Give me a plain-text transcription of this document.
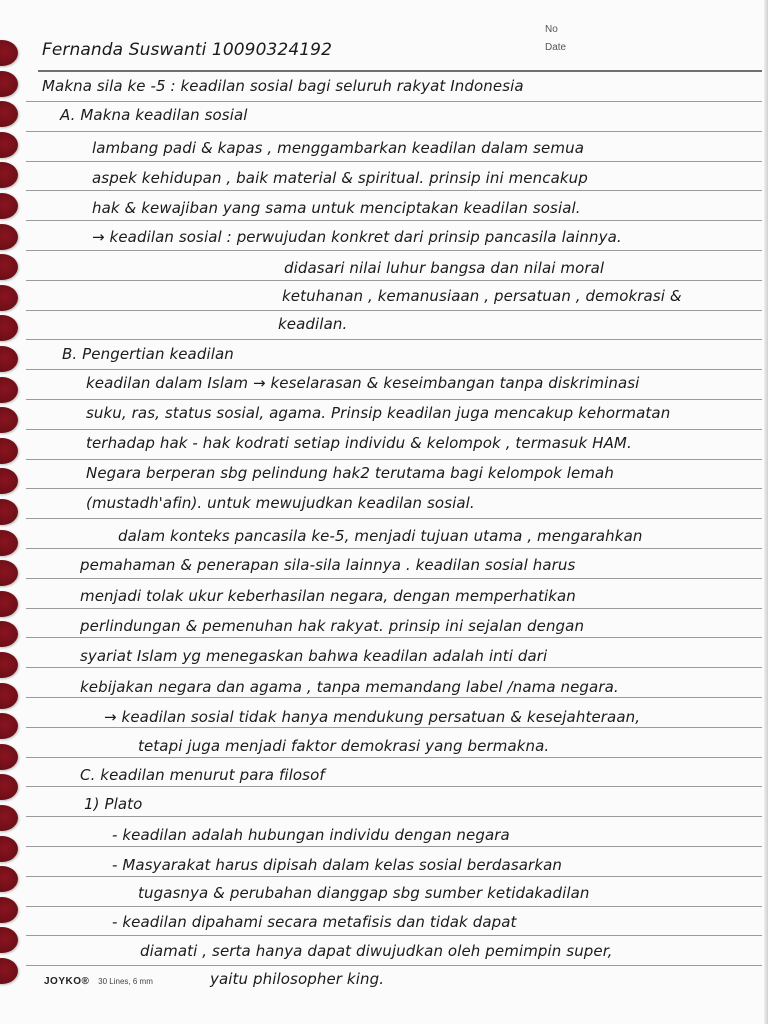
No
Date
Fernanda Suswanti 10090324192
Makna sila ke -5 : keadilan sosial bagi seluruh rakyat Indonesia
A. Makna keadilan sosial
lambang padi & kapas , menggambarkan keadilan dalam semua
aspek kehidupan , baik material & spiritual. prinsip ini mencakup
hak & kewajiban yang sama untuk menciptakan keadilan sosial.
→ keadilan sosial : perwujudan konkret dari prinsip pancasila lainnya.
didasari nilai luhur bangsa dan nilai moral
ketuhanan , kemanusiaan , persatuan , demokrasi &
keadilan.
B. Pengertian keadilan
keadilan dalam Islam → keselarasan & keseimbangan tanpa diskriminasi
suku, ras, status sosial, agama. Prinsip keadilan juga mencakup kehormatan
terhadap hak - hak kodrati setiap individu & kelompok , termasuk HAM.
Negara berperan sbg pelindung hak2 terutama bagi kelompok lemah
(mustadh'afin). untuk mewujudkan keadilan sosial.
dalam konteks pancasila ke-5, menjadi tujuan utama , mengarahkan
pemahaman & penerapan sila-sila lainnya . keadilan sosial harus
menjadi tolak ukur keberhasilan negara, dengan memperhatikan
perlindungan & pemenuhan hak rakyat. prinsip ini sejalan dengan
syariat Islam yg menegaskan bahwa keadilan adalah inti dari
kebijakan negara dan agama , tanpa memandang label /nama negara.
→ keadilan sosial tidak hanya mendukung persatuan & kesejahteraan,
tetapi juga menjadi faktor demokrasi yang bermakna.
C. keadilan menurut para filosof
1) Plato
- keadilan adalah hubungan individu dengan negara
- Masyarakat harus dipisah dalam kelas sosial berdasarkan
tugasnya & perubahan dianggap sbg sumber ketidakadilan
- keadilan dipahami secara metafisis dan tidak dapat
diamati , serta hanya dapat diwujudkan oleh pemimpin super,
yaitu philosopher king.
JOYKO® 30 Lines, 6 mm
